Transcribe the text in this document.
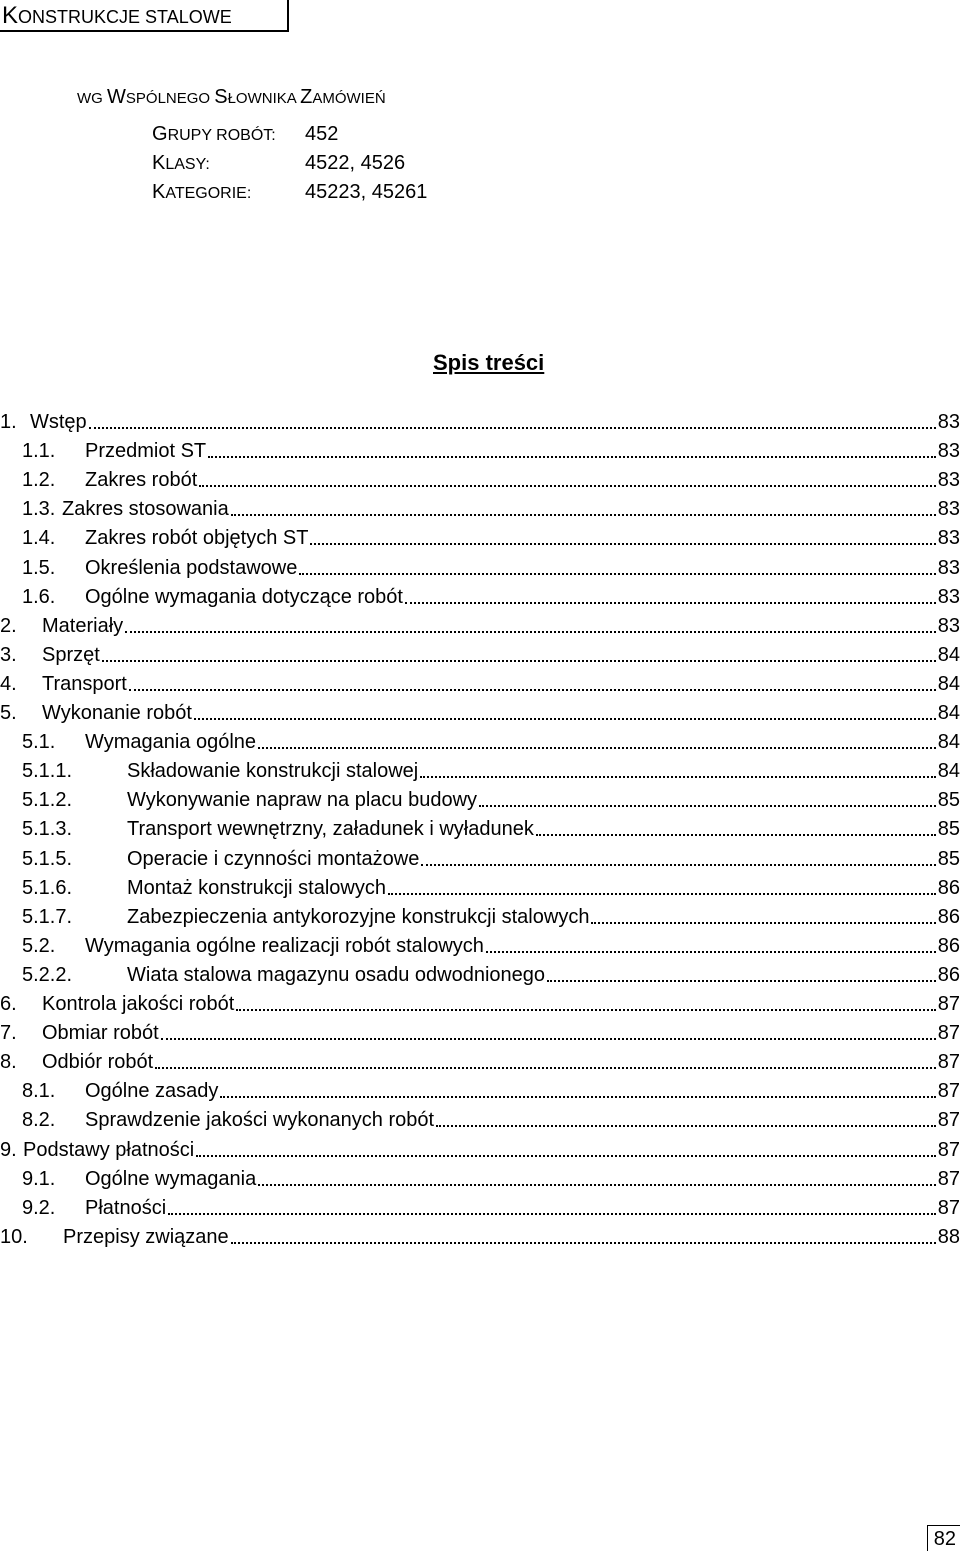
KONSTRUKCJE STALOWE
WG WSPÓLNEGO SŁOWNIKA ZAMÓWIEŃ
GRUPY ROBÓT: 452
KLASY:	4522, 4526
KATEGORIE:	45223, 45261
Spis treści
1. Wstęp	83
1.1.	Przedmiot ST	83
1.2.	Zakres robót	83
1.3. Zakres stosowania	83
1.4.	Zakres robót objętych ST	83
1.5.	Określenia podstawowe	83
1.6.	Ogólne wymagania dotyczące robót	83
2.	Materiały	83
3.	Sprzęt	84
4.	Transport	84
5.	Wykonanie robót	84
5.1.	Wymagania ogólne	84
5.1.1.	Składowanie konstrukcji stalowej	84
5.1.2.	Wykonywanie napraw na placu budowy	85
5.1.3.	Transport wewnętrzny, załadunek i wyładunek	85
5.1.5.	Operacie i czynności montażowe	85
5.1.6.	Montaż konstrukcji stalowych	86
5.1.7.	Zabezpieczenia antykorozyjne konstrukcji stalowych	86
5.2.	Wymagania ogólne realizacji robót stalowych	86
5.2.2.	Wiata stalowa magazynu osadu odwodnionego	86
6.	Kontrola jakości robót	87
7.	Obmiar robót	87
8.	Odbiór robót	87
8.1.	Ogólne zasady	87
8.2.	Sprawdzenie jakości wykonanych robót	87
9. Podstawy płatności	87
9.1.	Ogólne wymagania	87
9.2.	Płatności	87
10.	Przepisy związane	88
82
